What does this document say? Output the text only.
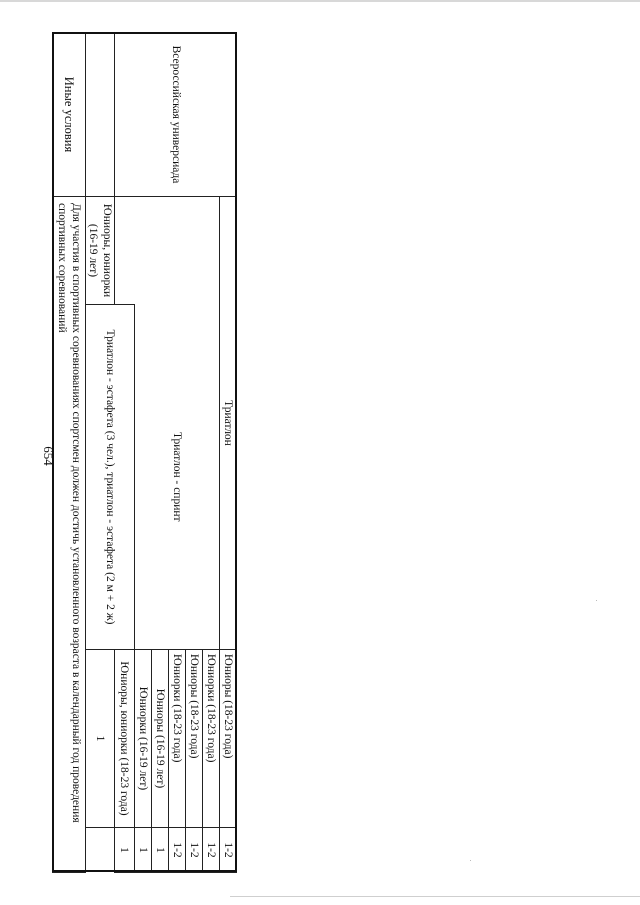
Всероссийская универсиада	Триатлон		Юниоры (18-23 года)	1-2
		Триатлон - спринт	Юниорки (18-23 года)	1-2
			Юниоры (18-23 года)	1-2
			Юниорки (18-23 года)	1-2
			Юниоры (16-19 лет)	1
			Юниорки (16-19 лет)	1
		Триатлон - эстафета (3 чел.), триатлон - эстафета (2 м + 2 ж)	Юниоры, юниорки (18-23 года)	1
	Юниоры, юниорки (16-19 лет)		1	
Иные условия	Для участия в спортивных соревнованиях спортсмен должен достичь установленного возраста в календарный год проведения спортивных соревнований			
654
